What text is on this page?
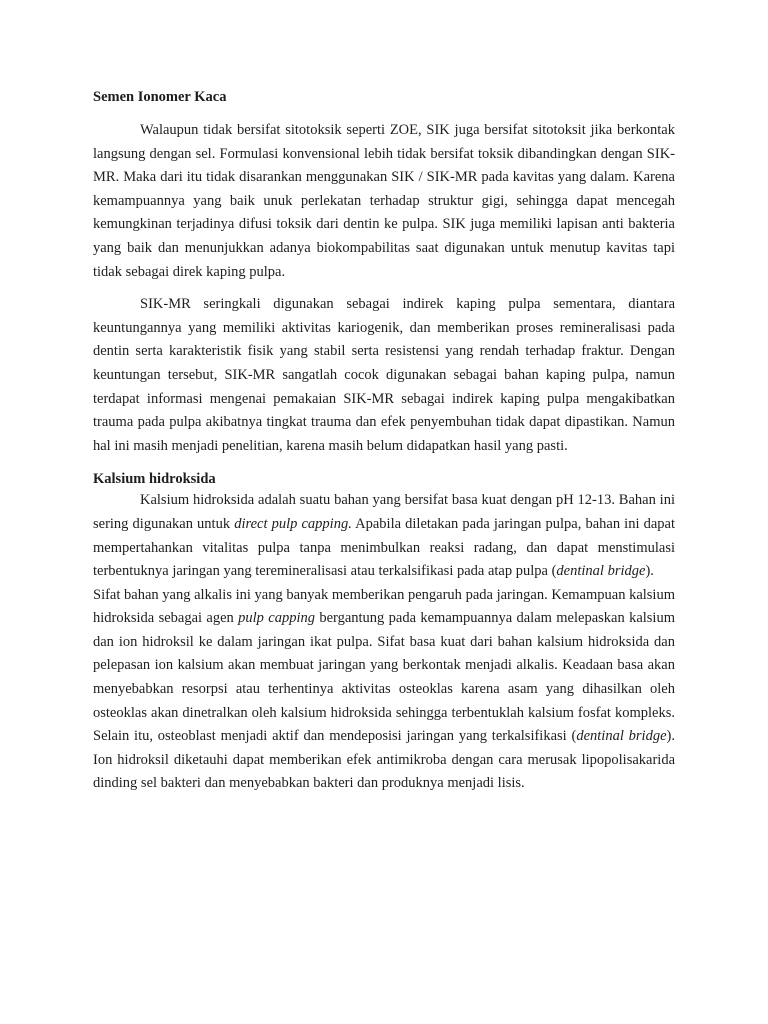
Semen Ionomer Kaca

Walaupun tidak bersifat sitotoksik seperti ZOE, SIK juga bersifat sitotoksit jika berkontak langsung dengan sel. Formulasi konvensional lebih tidak bersifat toksik dibandingkan dengan SIK-MR. Maka dari itu tidak disarankan menggunakan SIK / SIK-MR pada kavitas yang dalam. Karena kemampuannya yang baik unuk perlekatan terhadap struktur gigi, sehingga dapat mencegah kemungkinan terjadinya difusi toksik dari dentin ke pulpa. SIK juga memiliki lapisan anti bakteria yang baik dan menunjukkan adanya biokompabilitas saat digunakan untuk menutup kavitas tapi tidak sebagai direk kaping pulpa.

SIK-MR seringkali digunakan sebagai indirek kaping pulpa sementara, diantara keuntungannya yang memiliki aktivitas kariogenik, dan memberikan proses remineralisasi pada dentin serta karakteristik fisik yang stabil serta resistensi yang rendah terhadap fraktur. Dengan keuntungan tersebut, SIK-MR sangatlah cocok digunakan sebagai bahan kaping pulpa, namun terdapat informasi mengenai pemakaian SIK-MR sebagai indirek kaping pulpa mengakibatkan trauma pada pulpa akibatnya tingkat trauma dan efek penyembuhan tidak dapat dipastikan. Namun hal ini masih menjadi penelitian, karena masih belum didapatkan hasil yang pasti.

Kalsium hidroksida

Kalsium hidroksida adalah suatu bahan yang bersifat basa kuat dengan pH 12-13. Bahan ini sering digunakan untuk direct pulp capping. Apabila diletakan pada jaringan pulpa, bahan ini dapat mempertahankan vitalitas pulpa tanpa menimbulkan reaksi radang, dan dapat menstimulasi terbentuknya jaringan yang teremineralisasi atau terkalsifikasi pada atap pulpa (dentinal bridge).

Sifat bahan yang alkalis ini yang banyak memberikan pengaruh pada jaringan. Kemampuan kalsium hidroksida sebagai agen pulp capping bergantung pada kemampuannya dalam melepaskan kalsium dan ion hidroksil ke dalam jaringan ikat pulpa. Sifat basa kuat dari bahan kalsium hidroksida dan pelepasan ion kalsium akan membuat jaringan yang berkontak menjadi alkalis. Keadaan basa akan menyebabkan resorpsi atau terhentinya aktivitas osteoklas karena asam yang dihasilkan oleh osteoklas akan dinetralkan oleh kalsium hidroksida sehingga terbentuklah kalsium fosfat kompleks. Selain itu, osteoblast menjadi aktif dan mendeposisi jaringan yang terkalsifikasi (dentinal bridge). Ion hidroksil diketauhi dapat memberikan efek antimikroba dengan cara merusak lipopolisakarida dinding sel bakteri dan menyebabkan bakteri dan produknya menjadi lisis.
